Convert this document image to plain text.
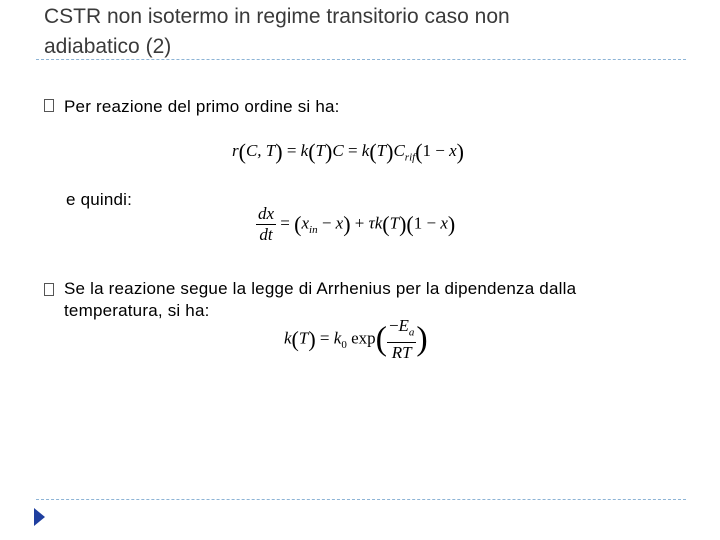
CSTR non isotermo in regime transitorio caso non
adiabatico (2)
Per reazione del primo ordine si ha:
r(C, $T) = k(T)C = k(T)C_{rif}(1 - x)$
e quindi:
$\frac{dx}{dt} = (x_{in} - x) + \tau k(T)(1 - x)$
Se la reazione segue la legge di Arrhenius per la dipendenza dalla
temperatura, si ha:
$k(T) = k_0$ $\exp( \frac{-E_a}{RT}$ )
